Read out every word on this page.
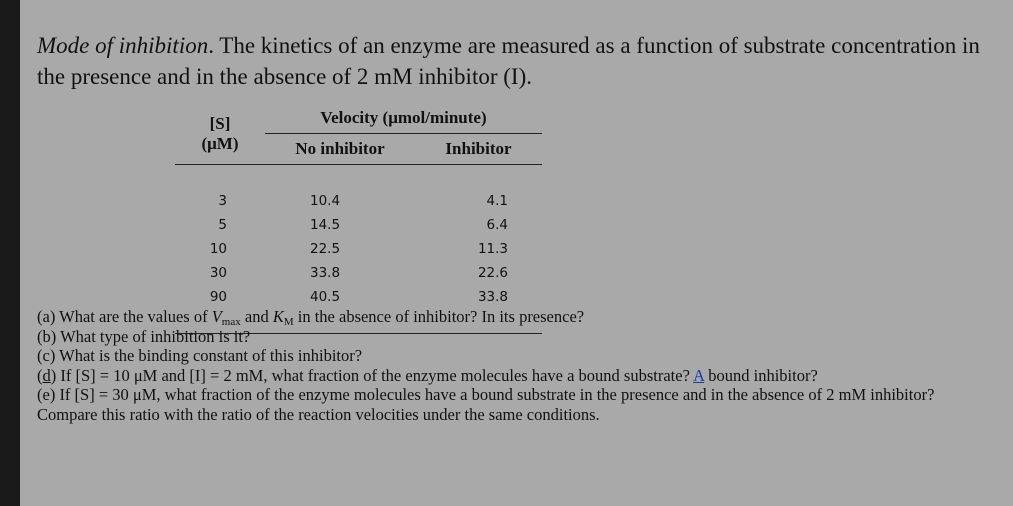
Mode of inhibition. The kinetics of an enzyme are measured as a function of substrate concentration in the presence and in the absence of 2 mM inhibitor (I).

[S]
(μM)	Velocity (μmol/minute)	
	No inhibitor	Inhibitor

3	10.4	4.1
5	14.5	6.4
10	22.5	11.3
30	33.8	22.6
90	40.5	33.8

(a) What are the values of $V_{max}$ and $K_M$ in the absence of inhibitor? In its presence?

(b) What type of inhibition is it?

(c) What is the binding constant of this inhibitor?

(d) If [S] = 10 μM and [I] = 2 mM, what fraction of the enzyme molecules have a bound substrate? A bound inhibitor?

(e) If [S] = 30 μM, what fraction of the enzyme molecules have a bound substrate in the presence and in the absence of 2 mM inhibitor?

Compare this ratio with the ratio of the reaction velocities under the same conditions.
